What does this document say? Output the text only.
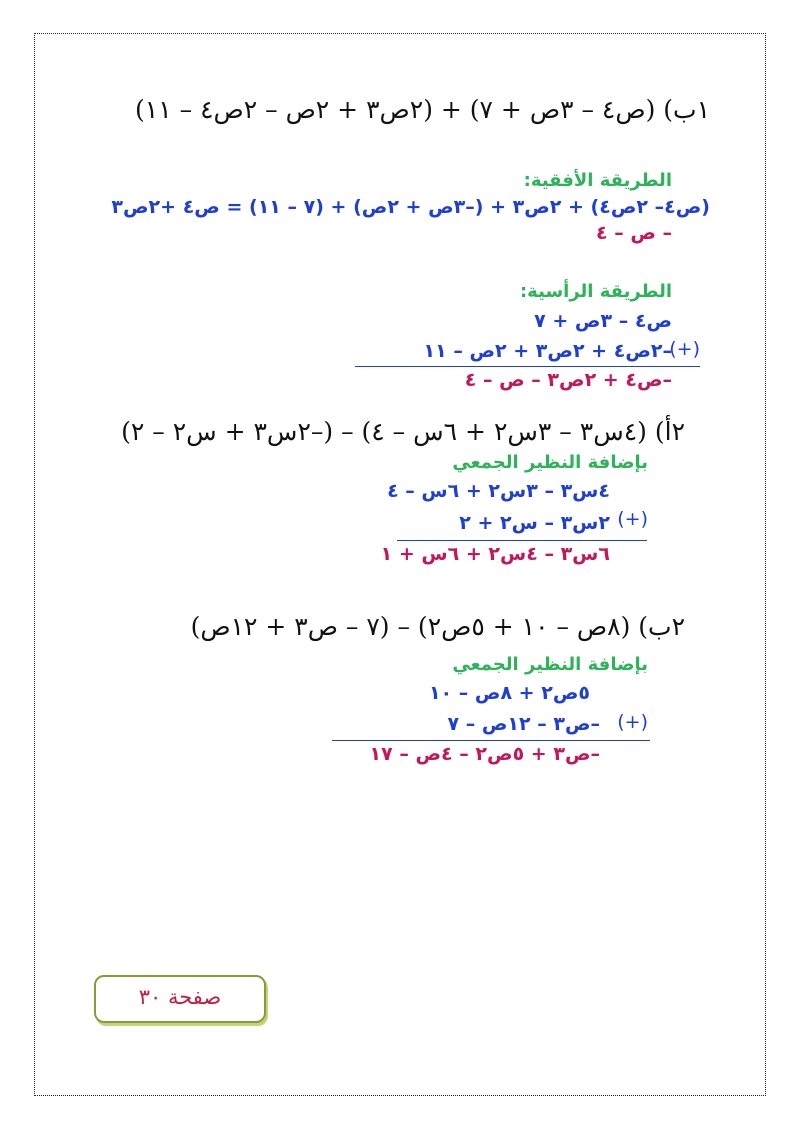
١ب) (ص٤ – ٣ص + ٧) + (٢ص٣ + ٢ص – ٢ص٤ – ١١)
الطريقة الأفقية:
(ص٤– ٢ص٤) + ٢ص٣ + (–٣ص + ٢ص) + (٧ – ١١) = ص٤ +٢ص٣
– ص – ٤
الطريقة الرأسية:
ص٤ – ٣ص + ٧
–٢ص٤ + ٢ص٣ + ٢ص – ١١
(+)
–ص٤ + ٢ص٣ – ص – ٤
٢أ) (٤س٣ – ٣س٢ + ٦س – ٤) – (–٢س٣ + س٢ – ٢)
بإضافة النظير الجمعي
٤س٣ – ٣س٢ + ٦س – ٤
٢س٣ – س٢ + ٢ (+)
٦س٣ – ٤س٢ + ٦س + ١
٢ب) (٨ص – ١٠ + ٥ص٢) – (٧ – ص٣ + ١٢ص)
بإضافة النظير الجمعي
٥ص٢ + ٨ص – ١٠
–ص٣ – ١٢ص – ٧ (+)
–ص٣ + ٥ص٢ – ٤ص – ١٧
صفحة ٣٠
